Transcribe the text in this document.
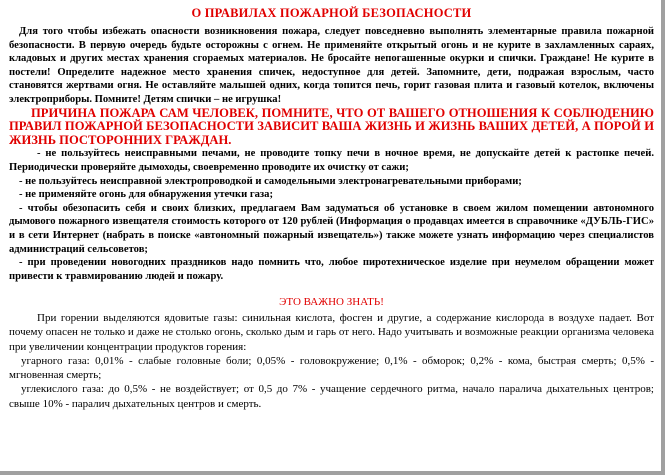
О ПРАВИЛАХ ПОЖАРНОЙ БЕЗОПАСНОСТИ

Для того чтобы избежать опасности возникновения пожара, следует повседневно выполнять элементарные правила пожарной безопасности. В первую очередь будьте осторожны с огнем. Не применяйте открытый огонь и не курите в захламленных сараях, кладовых и других местах хранения сгораемых материалов. Не бросайте непогашенные окурки и спички. Граждане! Не курите в постели! Определите надежное место хранения спичек, недоступное для детей. Запомните, дети, подражая взрослым, часто становятся жертвами огня. Не оставляйте малышей одних, когда топится печь, горит газовая плита и газовый котелок, включены электроприборы. Помните! Детям спички – не игрушка!

ПРИЧИНА ПОЖАРА САМ ЧЕЛОВЕК, ПОМНИТЕ, ЧТО ОТ ВАШЕГО ОТНОШЕНИЯ К СОБЛЮДЕНИЮ ПРАВИЛ ПОЖАРНОЙ БЕЗОПАСНОСТИ ЗАВИСИТ ВАША ЖИЗНЬ И ЖИЗНЬ ВАШИХ ДЕТЕЙ, А ПОРОЙ И ЖИЗНЬ ПОСТОРОННИХ ГРАЖДАН.

- не пользуйтесь неисправными печами, не проводите топку печи в ночное время, не допускайте детей к растопке печей. Периодически проверяйте дымоходы, своевременно проводите их очистку от сажи;

- не пользуйтесь неисправной электропроводкой и самодельными электронагревательными приборами;

- не применяйте огонь для обнаружения утечки газа;

- чтобы обезопасить себя и своих близких, предлагаем Вам задуматься об установке в своем жилом помещении автономного дымового пожарного извещателя стоимость которого от 120 рублей (Информация о продавцах имеется в справочнике «ДУБЛЬ-ГИС» и в сети Интернет (набрать в поиске «автономный пожарный извещатель») также можете узнать информацию через специалистов администраций сельсоветов;

- при проведении новогодних праздников надо помнить что, любое пиротехническое изделие при неумелом обращении может привести к травмированию людей и пожару.

ЭТО ВАЖНО ЗНАТЬ!

При горении выделяются ядовитые газы: синильная кислота, фосген и другие, а содержание кислорода в воздухе падает. Вот почему опасен не только и даже не столько огонь, сколько дым и гарь от него. Надо учитывать и возможные реакции организма человека при увеличении концентрации продуктов горения:

угарного газа: 0,01% - слабые головные боли; 0,05% - головокружение; 0,1% - обморок; 0,2% - кома, быстрая смерть; 0,5% - мгновенная смерть;

углекислого газа: до 0,5% - не воздействует; от 0,5 до 7% - учащение сердечного ритма, начало паралича дыхательных центров; свыше 10% - паралич дыхательных центров и смерть.
